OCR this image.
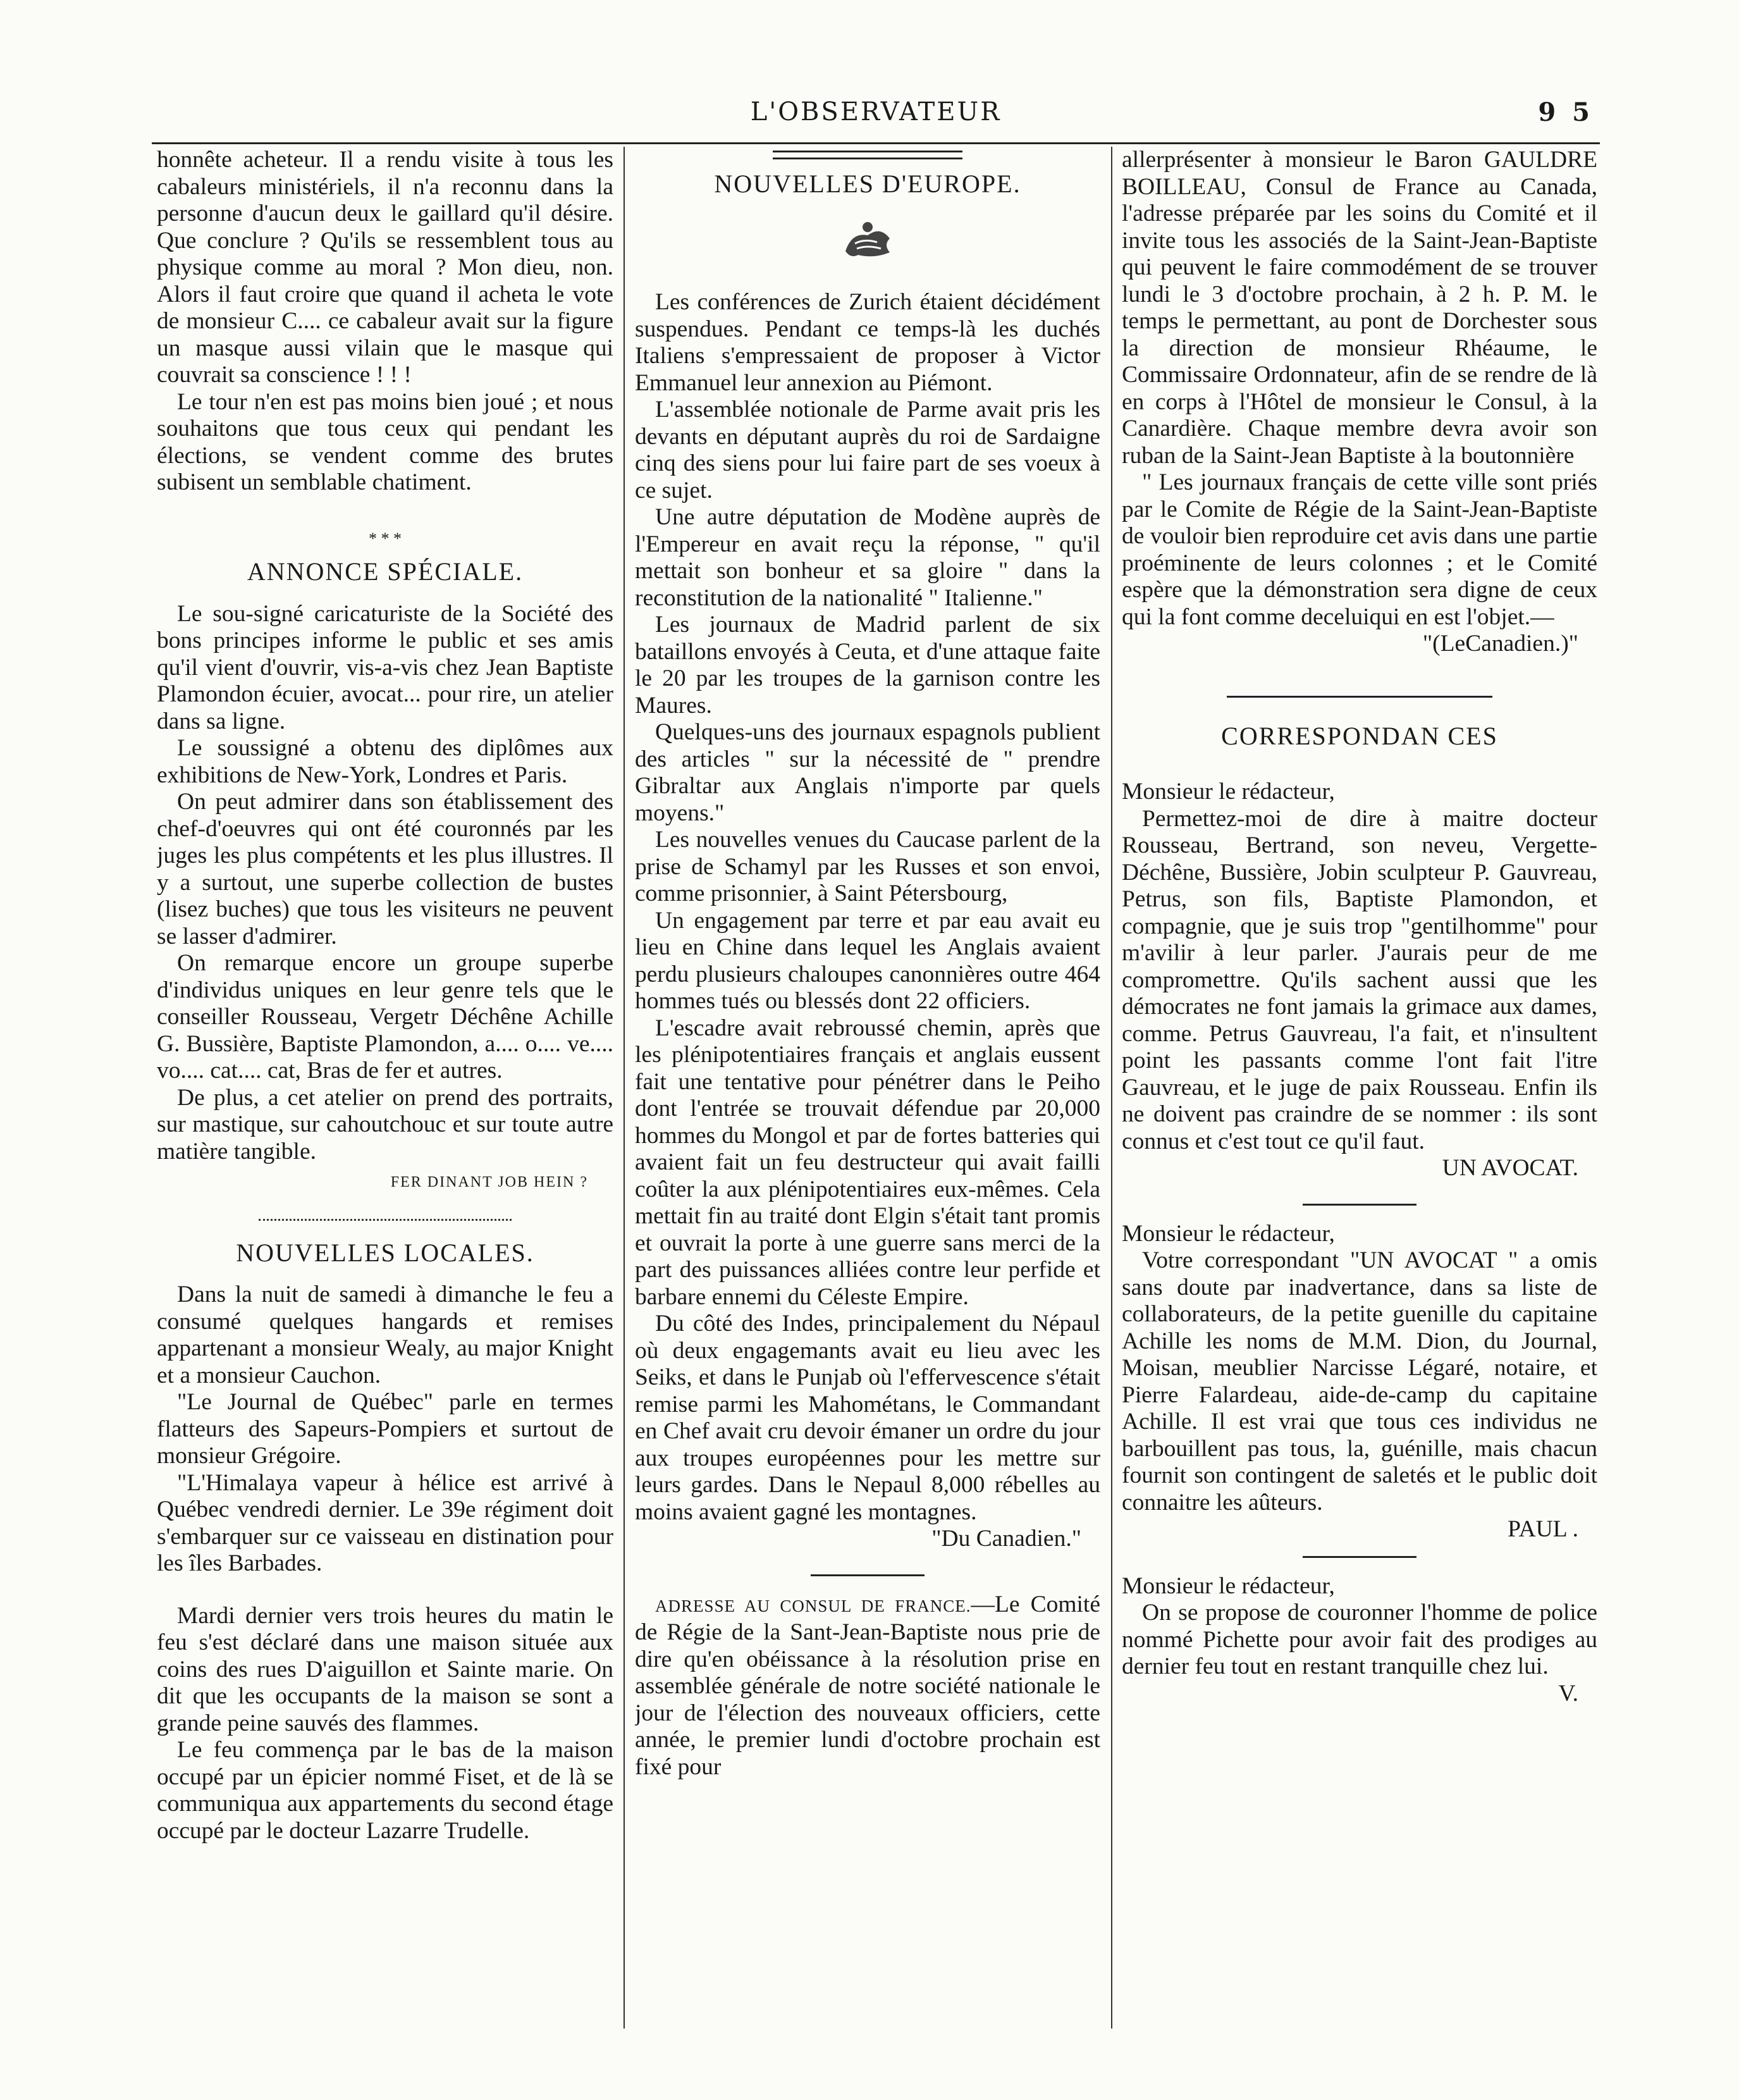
L'OBSERVATEUR	9 5

honnête acheteur. Il a rendu visite à tous les cabaleurs ministériels, il n'a reconnu dans la personne d'aucun deux le gaillard qu'il désire. Que conclure ? Qu'ils se ressemblent tous au physique comme au moral ? Mon dieu, non. Alors il faut croire que quand il acheta le vote de monsieur C.... ce cabaleur avait sur la figure un masque aussi vilain que le masque qui couvrait sa conscience ! ! !

Le tour n'en est pas moins bien joué ; et nous souhaitons que tous ceux qui pendant les élections, se vendent comme des brutes subisent un semblable chatiment.

* * *
ANNONCE SPÉCIALE.

Le sou-signé caricaturiste de la Société des bons principes informe le public et ses amis qu'il vient d'ouvrir, vis-a-vis chez Jean Baptiste Plamondon écuier, avocat... pour rire, un atelier dans sa ligne.

Le soussigné a obtenu des diplômes aux exhibitions de New-York, Londres et Paris.

On peut admirer dans son établissement des chef-d'oeuvres qui ont été couronnés par les juges les plus compétents et les plus illustres. Il y a surtout, une superbe collection de bustes (lisez buches) que tous les visiteurs ne peuvent se lasser d'admirer.

On remarque encore un groupe superbe d'individus uniques en leur genre tels que le conseiller Rousseau, Vergetr Déchêne Achille G. Bussière, Baptiste Plamondon, a.... o.... ve.... vo.... cat.... cat, Bras de fer et autres.

De plus, a cet atelier on prend des portraits, sur mastique, sur cahoutchouc et sur toute autre matière tangible.

FER DINANT JOB HEIN ?
NOUVELLES LOCALES.

Dans la nuit de samedi à dimanche le feu a consumé quelques hangards et remises appartenant a monsieur Wealy, au major Knight et a monsieur Cauchon.

"Le Journal de Québec" parle en termes flatteurs des Sapeurs-Pompiers et surtout de monsieur Grégoire.

"L'Himalaya vapeur à hélice est arrivé à Québec vendredi dernier. Le 39e régiment doit s'embarquer sur ce vaisseau en distination pour les îles Barbades.

Mardi dernier vers trois heures du matin le feu s'est déclaré dans une maison située aux coins des rues D'aiguillon et Sainte marie. On dit que les occupants de la maison se sont a grande peine sauvés des flammes.

Le feu commença par le bas de la maison occupé par un épicier nommé Fiset, et de là se communiqua aux appartements du second étage occupé par le docteur Lazarre Trudelle.

NOUVELLES D'EUROPE.

Les conférences de Zurich étaient décidément suspendues. Pendant ce temps-là les duchés Italiens s'empressaient de proposer à Victor Emmanuel leur annexion au Piémont.

L'assemblée notionale de Parme avait pris les devants en députant auprès du roi de Sardaigne cinq des siens pour lui faire part de ses voeux à ce sujet.

Une autre députation de Modène auprès de l'Empereur en avait reçu la réponse, " qu'il mettait son bonheur et sa gloire " dans la reconstitution de la nationalité " Italienne."

Les journaux de Madrid parlent de six bataillons envoyés à Ceuta, et d'une attaque faite le 20 par les troupes de la garnison contre les Maures.

Quelques-uns des journaux espagnols publient des articles " sur la nécessité de " prendre Gibraltar aux Anglais n'importe par quels moyens."

Les nouvelles venues du Caucase parlent de la prise de Schamyl par les Russes et son envoi, comme prisonnier, à Saint Pétersbourg,

Un engagement par terre et par eau avait eu lieu en Chine dans lequel les Anglais avaient perdu plusieurs chaloupes canonnières outre 464 hommes tués ou blessés dont 22 officiers.

L'escadre avait rebroussé chemin, après que les plénipotentiaires français et anglais eussent fait une tentative pour pénétrer dans le Peiho dont l'entrée se trouvait défendue par 20,000 hommes du Mongol et par de fortes batteries qui avaient fait un feu destructeur qui avait failli coûter la aux plénipotentiaires eux-mêmes. Cela mettait fin au traité dont Elgin s'était tant promis et ouvrait la porte à une guerre sans merci de la part des puissances alliées contre leur perfide et barbare ennemi du Céleste Empire.

Du côté des Indes, principalement du Népaul où deux engagemants avait eu lieu avec les Seiks, et dans le Punjab où l'effervescence s'était remise parmi les Mahométans, le Commandant en Chef avait cru devoir émaner un ordre du jour aux troupes européennes pour les mettre sur leurs gardes. Dans le Nepaul 8,000 rébelles au moins avaient gagné les montagnes.

"Du Canadien."

ADRESSE AU CONSUL DE FRANCE.—Le Comité de Régie de la Sant-Jean-Baptiste nous prie de dire qu'en obéissance à la résolution prise en assemblée générale de notre société nationale le jour de l'élection des nouveaux officiers, cette année, le premier lundi d'octobre prochain est fixé pour

allerprésenter à monsieur le Baron GAULDRE BOILLEAU, Consul de France au Canada, l'adresse préparée par les soins du Comité et il invite tous les associés de la Saint-Jean-Baptiste qui peuvent le faire commodément de se trouver lundi le 3 d'octobre prochain, à 2 h. P. M. le temps le permettant, au pont de Dorchester sous la direction de monsieur Rhéaume, le Commissaire Ordonnateur, afin de se rendre de là en corps à l'Hôtel de monsieur le Consul, à la Canardière. Chaque membre devra avoir son ruban de la Saint-Jean Baptiste à la boutonnière

" Les journaux français de cette ville sont priés par le Comite de Régie de la Saint-Jean-Baptiste de vouloir bien reproduire cet avis dans une partie proéminente de leurs colonnes ; et le Comité espère que la démonstration sera digne de ceux qui la font comme deceluiqui en est l'objet.—

"(LeCanadien.)"

CORRESPONDAN CES

Monsieur le rédacteur,

Permettez-moi de dire à maitre docteur Rousseau, Bertrand, son neveu, Vergette-Déchêne, Bussière, Jobin sculpteur P. Gauvreau, Petrus, son fils, Baptiste Plamondon, et compagnie, que je suis trop "gentilhomme" pour m'avilir à leur parler. J'aurais peur de me compromettre. Qu'ils sachent aussi que les démocrates ne font jamais la grimace aux dames, comme. Petrus Gauvreau, l'a fait, et n'insultent point les passants comme l'ont fait l'itre Gauvreau, et le juge de paix Rousseau. Enfin ils ne doivent pas craindre de se nommer : ils sont connus et c'est tout ce qu'il faut.

UN AVOCAT.

Monsieur le rédacteur,

Votre correspondant "UN AVOCAT " a omis sans doute par inadvertance, dans sa liste de collaborateurs, de la petite guenille du capitaine Achille les noms de M.M. Dion, du Journal, Moisan, meublier Narcisse Légaré, notaire, et Pierre Falardeau, aide-de-camp du capitaine Achille. Il est vrai que tous ces individus ne barbouillent pas tous, la, guénille, mais chacun fournit son contingent de saletés et le public doit connaitre les aûteurs.

PAUL .

Monsieur le rédacteur,

On se propose de couronner l'homme de police nommé Pichette pour avoir fait des prodiges au dernier feu tout en restant tranquille chez lui.

V.
